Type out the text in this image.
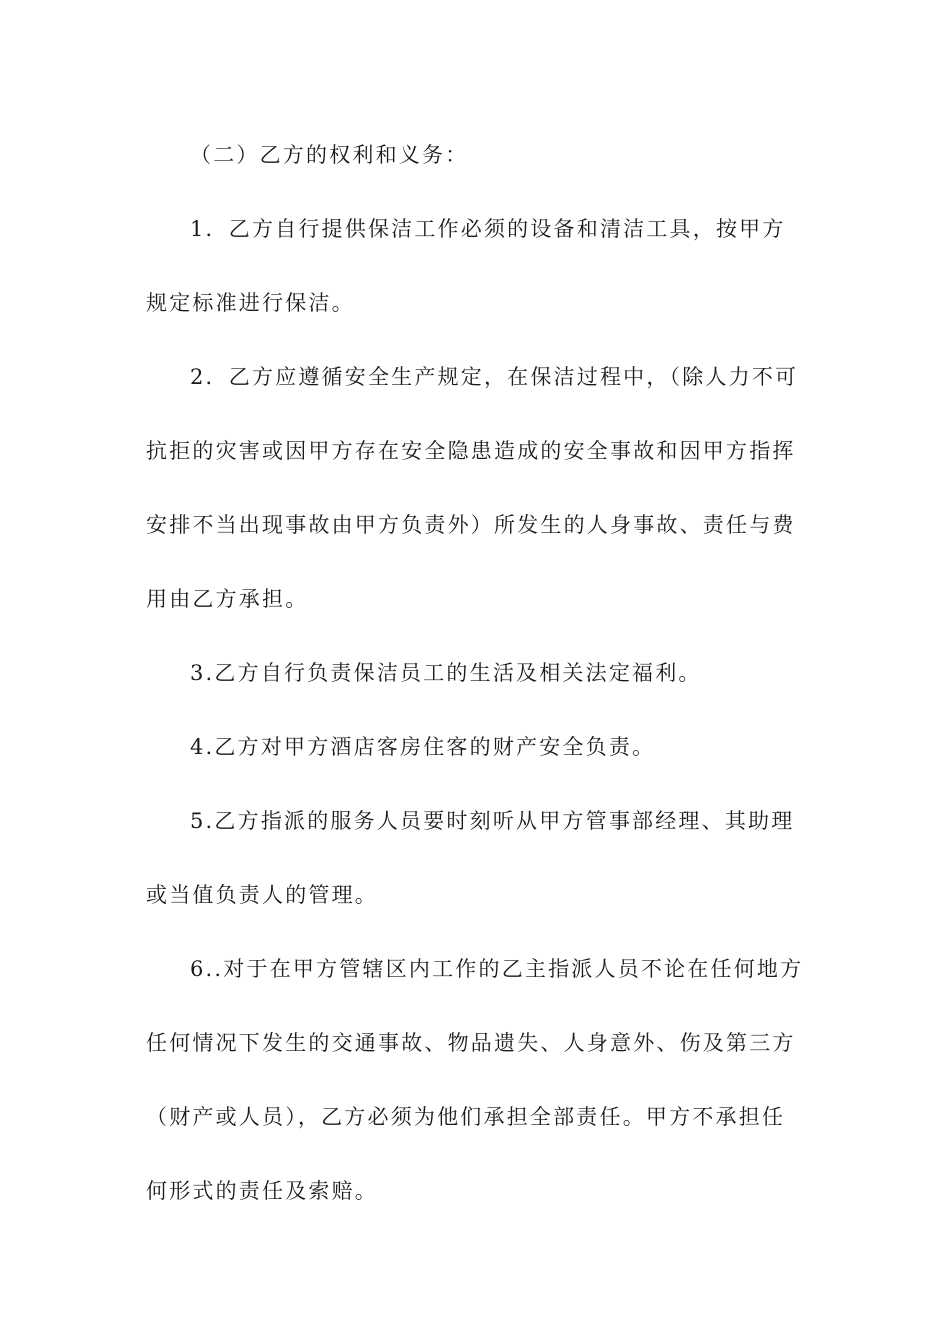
（二）乙方的权利和义务：

1．乙方自行提供保洁工作必须的设备和清洁工具，按甲方规定标准进行保洁。

2．乙方应遵循安全生产规定，在保洁过程中，（除人力不可抗拒的灾害或因甲方存在安全隐患造成的安全事故和因甲方指挥安排不当出现事故由甲方负责外）所发生的人身事故、责任与费用由乙方承担。

3.乙方自行负责保洁员工的生活及相关法定福利。

4.乙方对甲方酒店客房住客的财产安全负责。

5.乙方指派的服务人员要时刻听从甲方管事部经理、其助理或当值负责人的管理。

6..对于在甲方管辖区内工作的乙主指派人员不论在任何地方任何情况下发生的交通事故、物品遗失、人身意外、伤及第三方（财产或人员），乙方必须为他们承担全部责任。甲方不承担任何形式的责任及索赔。
